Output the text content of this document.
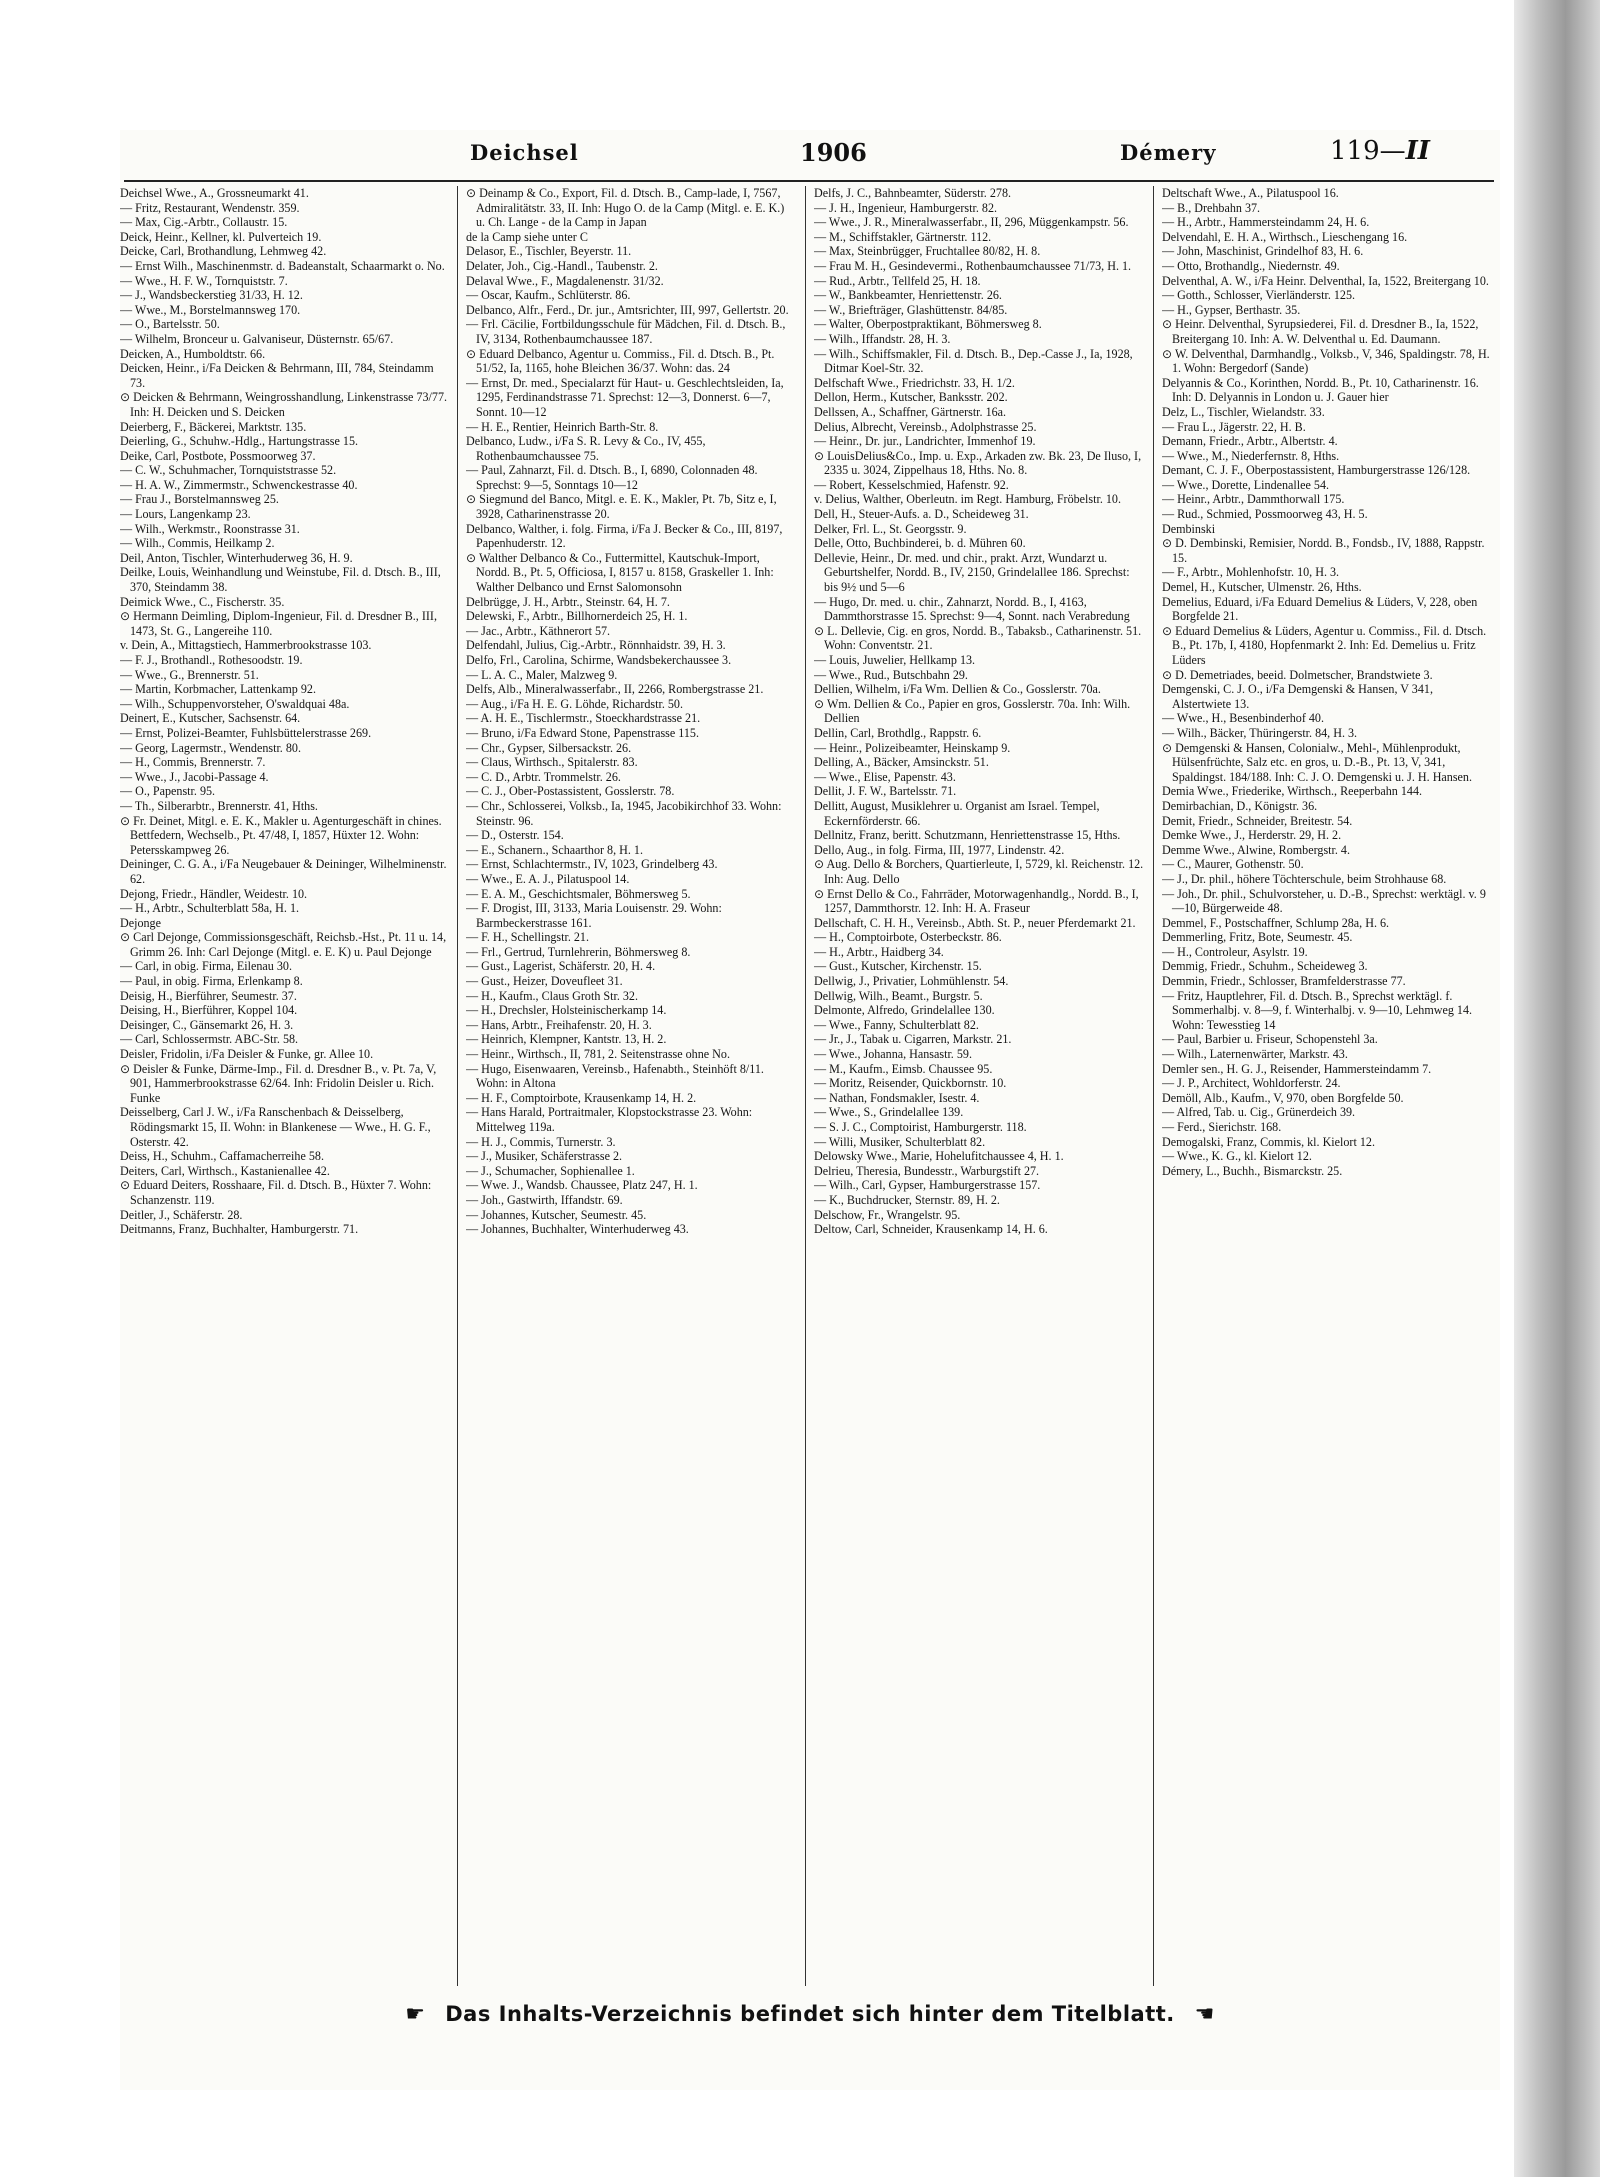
Deichsel	1906	Démery	119—II

Deichsel Wwe., A., Grossneumarkt 41.

— Fritz, Restaurant, Wendenstr. 359.

— Max, Cig.-Arbtr., Collaustr. 15.

Deick, Heinr., Kellner, kl. Pulverteich 19.

Deicke, Carl, Brothandlung, Lehmweg 42.

— Ernst Wilh., Maschinenmstr. d. Badeanstalt, Schaarmarkt o. No.

— Wwe., H. F. W., Tornquiststr. 7.

— J., Wandsbeckerstieg 31/33, H. 12.

— Wwe., M., Borstelmannsweg 170.

— O., Bartelsstr. 50.

— Wilhelm, Bronceur u. Galvaniseur, Düsternstr. 65/67.

Deicken, A., Humboldtstr. 66.

Deicken, Heinr., i/Fa Deicken & Behrmann, III, 784, Steindamm 73.

⊙ Deicken & Behrmann, Weingrosshandlung, Linkenstrasse 73/77. Inh: H. Deicken und S. Deicken

Deierberg, F., Bäckerei, Marktstr. 135.

Deierling, G., Schuhw.-Hdlg., Hartungstrasse 15.

Deike, Carl, Postbote, Possmoorweg 37.

— C. W., Schuhmacher, Tornquiststrasse 52.

— H. A. W., Zimmermstr., Schwenckestrasse 40.

— Frau J., Borstelmannsweg 25.

— Lours, Langenkamp 23.

— Wilh., Werkmstr., Roonstrasse 31.

— Wilh., Commis, Heilkamp 2.

Deil, Anton, Tischler, Winterhuderweg 36, H. 9.

Deilke, Louis, Weinhandlung und Weinstube, Fil. d. Dtsch. B., III, 370, Steindamm 38.

Deimick Wwe., C., Fischerstr. 35.

⊙ Hermann Deimling, Diplom-Ingenieur, Fil. d. Dresdner B., III, 1473, St. G., Langereihe 110.

v. Dein, A., Mittagstiech, Hammerbrookstrasse 103.

— F. J., Brothandl., Rothesoodstr. 19.

— Wwe., G., Brennerstr. 51.

— Martin, Korbmacher, Lattenkamp 92.

— Wilh., Schuppenvorsteher, O'swaldquai 48a.

Deinert, E., Kutscher, Sachsenstr. 64.

— Ernst, Polizei-Beamter, Fuhlsbüttelerstrasse 269.

— Georg, Lagermstr., Wendenstr. 80.

— H., Commis, Brennerstr. 7.

— Wwe., J., Jacobi-Passage 4.

— O., Papenstr. 95.

— Th., Silberarbtr., Brennerstr. 41, Hths.

⊙ Fr. Deinet, Mitgl. e. E. K., Makler u. Agenturgeschäft in chines. Bettfedern, Wechselb., Pt. 47/48, I, 1857, Hüxter 12. Wohn: Petersskampweg 26.

Deininger, C. G. A., i/Fa Neugebauer & Deininger, Wilhelminenstr. 62.

Dejong, Friedr., Händler, Weidestr. 10.

— H., Arbtr., Schulterblatt 58a, H. 1.

Dejonge

⊙ Carl Dejonge, Commissionsgeschäft, Reichsb.-Hst., Pt. 11 u. 14, Grimm 26. Inh: Carl Dejonge (Mitgl. e. E. K) u. Paul Dejonge

— Carl, in obig. Firma, Eilenau 30.

— Paul, in obig. Firma, Erlenkamp 8.

Deisig, H., Bierführer, Seumestr. 37.

Deising, H., Bierführer, Koppel 104.

Deisinger, C., Gänsemarkt 26, H. 3.

— Carl, Schlossermstr. ABC-Str. 58.

Deisler, Fridolin, i/Fa Deisler & Funke, gr. Allee 10.

⊙ Deisler & Funke, Därme-Imp., Fil. d. Dresdner B., v. Pt. 7a, V, 901, Hammerbrookstrasse 62/64. Inh: Fridolin Deisler u. Rich. Funke

Deisselberg, Carl J. W., i/Fa Ranschenbach & Deisselberg, Rödingsmarkt 15, II. Wohn: in Blankenese — Wwe., H. G. F., Osterstr. 42.

Deiss, H., Schuhm., Caffamacherreihe 58.

Deiters, Carl, Wirthsch., Kastanienallee 42.

⊙ Eduard Deiters, Rosshaare, Fil. d. Dtsch. B., Hüxter 7. Wohn: Schanzenstr. 119.

Deitler, J., Schäferstr. 28.

Deitmanns, Franz, Buchhalter, Hamburgerstr. 71.

⊙ Deinamp & Co., Export, Fil. d. Dtsch. B., Camp-lade, I, 7567, Admiralitätstr. 33, II. Inh: Hugo O. de la Camp (Mitgl. e. E. K.) u. Ch. Lange - de la Camp in Japan

de la Camp siehe unter C

Delasor, E., Tischler, Beyerstr. 11.

Delater, Joh., Cig.-Handl., Taubenstr. 2.

Delaval Wwe., F., Magdalenenstr. 31/32.

— Oscar, Kaufm., Schlüterstr. 86.

Delbanco, Alfr., Ferd., Dr. jur., Amtsrichter, III, 997, Gellertstr. 20.

— Frl. Cäcilie, Fortbildungsschule für Mädchen, Fil. d. Dtsch. B., IV, 3134, Rothenbaumchaussee 187.

⊙ Eduard Delbanco, Agentur u. Commiss., Fil. d. Dtsch. B., Pt. 51/52, Ia, 1165, hohe Bleichen 36/37. Wohn: das. 24

— Ernst, Dr. med., Specialarzt für Haut- u. Geschlechtsleiden, Ia, 1295, Ferdinandstrasse 71. Sprechst: 12—3, Donnerst. 6—7, Sonnt. 10—12

— H. E., Rentier, Heinrich Barth-Str. 8.

Delbanco, Ludw., i/Fa S. R. Levy & Co., IV, 455, Rothenbaumchaussee 75.

— Paul, Zahnarzt, Fil. d. Dtsch. B., I, 6890, Colonnaden 48. Sprechst: 9—5, Sonntags 10—12

⊙ Siegmund del Banco, Mitgl. e. E. K., Makler, Pt. 7b, Sitz e, I, 3928, Catharinenstrasse 20.

Delbanco, Walther, i. folg. Firma, i/Fa J. Becker & Co., III, 8197, Papenhuderstr. 12.

⊙ Walther Delbanco & Co., Futtermittel, Kautschuk-Import, Nordd. B., Pt. 5, Officiosa, I, 8157 u. 8158, Graskeller 1. Inh: Walther Delbanco und Ernst Salomonsohn

Delbrügge, J. H., Arbtr., Steinstr. 64, H. 7.

Delewski, F., Arbtr., Billhornerdeich 25, H. 1.

— Jac., Arbtr., Käthnerort 57.

Delfendahl, Julius, Cig.-Arbtr., Rönnhaidstr. 39, H. 3.

Delfo, Frl., Carolina, Schirme, Wandsbekerchaussee 3.

— L. A. C., Maler, Malzweg 9.

Delfs, Alb., Mineralwasserfabr., II, 2266, Rombergstrasse 21.

— Aug., i/Fa H. E. G. Löhde, Richardstr. 50.

— A. H. E., Tischlermstr., Stoeckhardstrasse 21.

— Bruno, i/Fa Edward Stone, Papenstrasse 115.

— Chr., Gypser, Silbersackstr. 26.

— Claus, Wirthsch., Spitalerstr. 83.

— C. D., Arbtr. Trommelstr. 26.

— C. J., Ober-Postassistent, Gosslerstr. 78.

— Chr., Schlosserei, Volksb., Ia, 1945, Jacobikirchhof 33. Wohn: Steinstr. 96.

— D., Osterstr. 154.

— E., Schanern., Schaarthor 8, H. 1.

— Ernst, Schlachtermstr., IV, 1023, Grindelberg 43.

— Wwe., E. A. J., Pilatuspool 14.

— E. A. M., Geschichtsmaler, Böhmersweg 5.

— F. Drogist, III, 3133, Maria Louisenstr. 29. Wohn: Barmbeckerstrasse 161.

— F. H., Schellingstr. 21.

— Frl., Gertrud, Turnlehrerin, Böhmersweg 8.

— Gust., Lagerist, Schäferstr. 20, H. 4.

— Gust., Heizer, Doveufleet 31.

— H., Kaufm., Claus Groth Str. 32.

— H., Drechsler, Holsteinischerkamp 14.

— Hans, Arbtr., Freihafenstr. 20, H. 3.

— Heinrich, Klempner, Kantstr. 13, H. 2.

— Heinr., Wirthsch., II, 781, 2. Seitenstrasse ohne No.

— Hugo, Eisenwaaren, Vereinsb., Hafenabth., Steinhöft 8/11. Wohn: in Altona

— H. F., Comptoirbote, Krausenkamp 14, H. 2.

— Hans Harald, Portraitmaler, Klopstockstrasse 23. Wohn: Mittelweg 119a.

— H. J., Commis, Turnerstr. 3.

— J., Musiker, Schäferstrasse 2.

— J., Schumacher, Sophienallee 1.

— Wwe. J., Wandsb. Chaussee, Platz 247, H. 1.

— Joh., Gastwirth, Iffandstr. 69.

— Johannes, Kutscher, Seumestr. 45.

— Johannes, Buchhalter, Winterhuderweg 43.

Delfs, J. C., Bahnbeamter, Süderstr. 278.

— J. H., Ingenieur, Hamburgerstr. 82.

— Wwe., J. R., Mineralwasserfabr., II, 296, Müggenkampstr. 56.

— M., Schiffstakler, Gärtnerstr. 112.

— Max, Steinbrügger, Fruchtallee 80/82, H. 8.

— Frau M. H., Gesindevermi., Rothenbaumchaussee 71/73, H. 1.

— Rud., Arbtr., Tellfeld 25, H. 18.

— W., Bankbeamter, Henriettenstr. 26.

— W., Briefträger, Glashüttenstr. 84/85.

— Walter, Oberpostpraktikant, Böhmersweg 8.

— Wilh., Iffandstr. 28, H. 3.

— Wilh., Schiffsmakler, Fil. d. Dtsch. B., Dep.-Casse J., Ia, 1928, Ditmar Koel-Str. 32.

Delfschaft Wwe., Friedrichstr. 33, H. 1/2.

Dellon, Herm., Kutscher, Banksstr. 202.

Dellssen, A., Schaffner, Gärtnerstr. 16a.

Delius, Albrecht, Vereinsb., Adolphstrasse 25.

— Heinr., Dr. jur., Landrichter, Immenhof 19.

⊙ LouisDelius&Co., Imp. u. Exp., Arkaden zw. Bk. 23, De Iluso, I, 2335 u. 3024, Zippelhaus 18, Hths. No. 8.

— Robert, Kesselschmied, Hafenstr. 92.

v. Delius, Walther, Oberleutn. im Regt. Hamburg, Fröbelstr. 10.

Dell, H., Steuer-Aufs. a. D., Scheideweg 31.

Delker, Frl. L., St. Georgsstr. 9.

Delle, Otto, Buchbinderei, b. d. Mühren 60.

Dellevie, Heinr., Dr. med. und chir., prakt. Arzt, Wundarzt u. Geburtshelfer, Nordd. B., IV, 2150, Grindelallee 186. Sprechst: bis 9½ und 5—6

— Hugo, Dr. med. u. chir., Zahnarzt, Nordd. B., I, 4163, Dammthorstrasse 15. Sprechst: 9—4, Sonnt. nach Verabredung

⊙ L. Dellevie, Cig. en gros, Nordd. B., Tabaksb., Catharinenstr. 51. Wohn: Conventstr. 21.

— Louis, Juwelier, Hellkamp 13.

— Wwe., Rud., Butschbahn 29.

Dellien, Wilhelm, i/Fa Wm. Dellien & Co., Gosslerstr. 70a.

⊙ Wm. Dellien & Co., Papier en gros, Gosslerstr. 70a. Inh: Wilh. Dellien

Dellin, Carl, Brothdlg., Rappstr. 6.

— Heinr., Polizeibeamter, Heinskamp 9.

Delling, A., Bäcker, Amsinckstr. 51.

— Wwe., Elise, Papenstr. 43.

Dellit, J. F. W., Bartelsstr. 71.

Dellitt, August, Musiklehrer u. Organist am Israel. Tempel, Eckernförderstr. 66.

Dellnitz, Franz, beritt. Schutzmann, Henriettenstrasse 15, Hths.

Dello, Aug., in folg. Firma, III, 1977, Lindenstr. 42.

⊙ Aug. Dello & Borchers, Quartierleute, I, 5729, kl. Reichenstr. 12. Inh: Aug. Dello

⊙ Ernst Dello & Co., Fahrräder, Motorwagenhandlg., Nordd. B., I, 1257, Dammthorstr. 12. Inh: H. A. Fraseur

Dellschaft, C. H. H., Vereinsb., Abth. St. P., neuer Pferdemarkt 21.

— H., Comptoirbote, Osterbeckstr. 86.

— H., Arbtr., Haidberg 34.

— Gust., Kutscher, Kirchenstr. 15.

Dellwig, J., Privatier, Lohmühlenstr. 54.

Dellwig, Wilh., Beamt., Burgstr. 5.

Delmonte, Alfredo, Grindelallee 130.

— Wwe., Fanny, Schulterblatt 82.

— Jr., J., Tabak u. Cigarren, Markstr. 21.

— Wwe., Johanna, Hansastr. 59.

— M., Kaufm., Eimsb. Chaussee 95.

— Moritz, Reisender, Quickbornstr. 10.

— Nathan, Fondsmakler, Isestr. 4.

— Wwe., S., Grindelallee 139.

— S. J. C., Comptoirist, Hamburgerstr. 118.

— Willi, Musiker, Schulterblatt 82.

Delowsky Wwe., Marie, Hohelufitchaussee 4, H. 1.

Delrieu, Theresia, Bundesstr., Warburgstift 27.

— Wilh., Carl, Gypser, Hamburgerstrasse 157.

— K., Buchdrucker, Sternstr. 89, H. 2.

Delschow, Fr., Wrangelstr. 95.

Deltow, Carl, Schneider, Krausenkamp 14, H. 6.

Deltschaft Wwe., A., Pilatuspool 16.

— B., Drehbahn 37.

— H., Arbtr., Hammersteindamm 24, H. 6.

Delvendahl, E. H. A., Wirthsch., Lieschengang 16.

— John, Maschinist, Grindelhof 83, H. 6.

— Otto, Brothandlg., Niedernstr. 49.

Delventhal, A. W., i/Fa Heinr. Delventhal, Ia, 1522, Breitergang 10.

— Gotth., Schlosser, Vierländerstr. 125.

— H., Gypser, Berthastr. 35.

⊙ Heinr. Delventhal, Syrupsiederei, Fil. d. Dresdner B., Ia, 1522, Breitergang 10. Inh: A. W. Delventhal u. Ed. Daumann.

⊙ W. Delventhal, Darmhandlg., Volksb., V, 346, Spaldingstr. 78, H. 1. Wohn: Bergedorf (Sande)

Delyannis & Co., Korinthen, Nordd. B., Pt. 10, Catharinenstr. 16. Inh: D. Delyannis in London u. J. Gauer hier

Delz, L., Tischler, Wielandstr. 33.

— Frau L., Jägerstr. 22, H. B.

Demann, Friedr., Arbtr., Albertstr. 4.

— Wwe., M., Niederfernstr. 8, Hths.

Demant, C. J. F., Oberpostassistent, Hamburgerstrasse 126/128.

— Wwe., Dorette, Lindenallee 54.

— Heinr., Arbtr., Dammthorwall 175.

— Rud., Schmied, Possmoorweg 43, H. 5.

Dembinski

⊙ D. Dembinski, Remisier, Nordd. B., Fondsb., IV, 1888, Rappstr. 15.

— F., Arbtr., Mohlenhofstr. 10, H. 3.

Demel, H., Kutscher, Ulmenstr. 26, Hths.

Demelius, Eduard, i/Fa Eduard Demelius & Lüders, V, 228, oben Borgfelde 21.

⊙ Eduard Demelius & Lüders, Agentur u. Commiss., Fil. d. Dtsch. B., Pt. 17b, I, 4180, Hopfenmarkt 2. Inh: Ed. Demelius u. Fritz Lüders

⊙ D. Demetriades, beeid. Dolmetscher, Brandstwiete 3.

Demgenski, C. J. O., i/Fa Demgenski & Hansen, V 341, Alstertwiete 13.

— Wwe., H., Besenbinderhof 40.

— Wilh., Bäcker, Thüringerstr. 84, H. 3.

⊙ Demgenski & Hansen, Colonialw., Mehl-, Mühlenprodukt, Hülsenfrüchte, Salz etc. en gros, u. D.-B., Pt. 13, V, 341, Spaldingst. 184/188. Inh: C. J. O. Demgenski u. J. H. Hansen.

Demia Wwe., Friederike, Wirthsch., Reeperbahn 144.

Demirbachian, D., Königstr. 36.

Demit, Friedr., Schneider, Breitestr. 54.

Demke Wwe., J., Herderstr. 29, H. 2.

Demme Wwe., Alwine, Rombergstr. 4.

— C., Maurer, Gothenstr. 50.

— J., Dr. phil., höhere Töchterschule, beim Strohhause 68.

— Joh., Dr. phil., Schulvorsteher, u. D.-B., Sprechst: werktägl. v. 9—10, Bürgerweide 48.

Demmel, F., Postschaffner, Schlump 28a, H. 6.

Demmerling, Fritz, Bote, Seumestr. 45.

— H., Controleur, Asylstr. 19.

Demmig, Friedr., Schuhm., Scheideweg 3.

Demmin, Friedr., Schlosser, Bramfelderstrasse 77.

— Fritz, Hauptlehrer, Fil. d. Dtsch. B., Sprechst werktägl. f. Sommerhalbj. v. 8—9, f. Winterhalbj. v. 9—10, Lehmweg 14. Wohn: Tewesstieg 14

— Paul, Barbier u. Friseur, Schopenstehl 3a.

— Wilh., Laternenwärter, Markstr. 43.

Demler sen., H. G. J., Reisender, Hammersteindamm 7.

— J. P., Architect, Wohldorferstr. 24.

Demöll, Alb., Kaufm., V, 970, oben Borgfelde 50.

— Alfred, Tab. u. Cig., Grünerdeich 39.

— Ferd., Sierichstr. 168.

Demogalski, Franz, Commis, kl. Kielort 12.

— Wwe., K. G., kl. Kielort 12.

Démery, L., Buchh., Bismarckstr. 25.

☛ Das Inhalts-Verzeichnis befindet sich hinter dem Titelblatt. ☚
